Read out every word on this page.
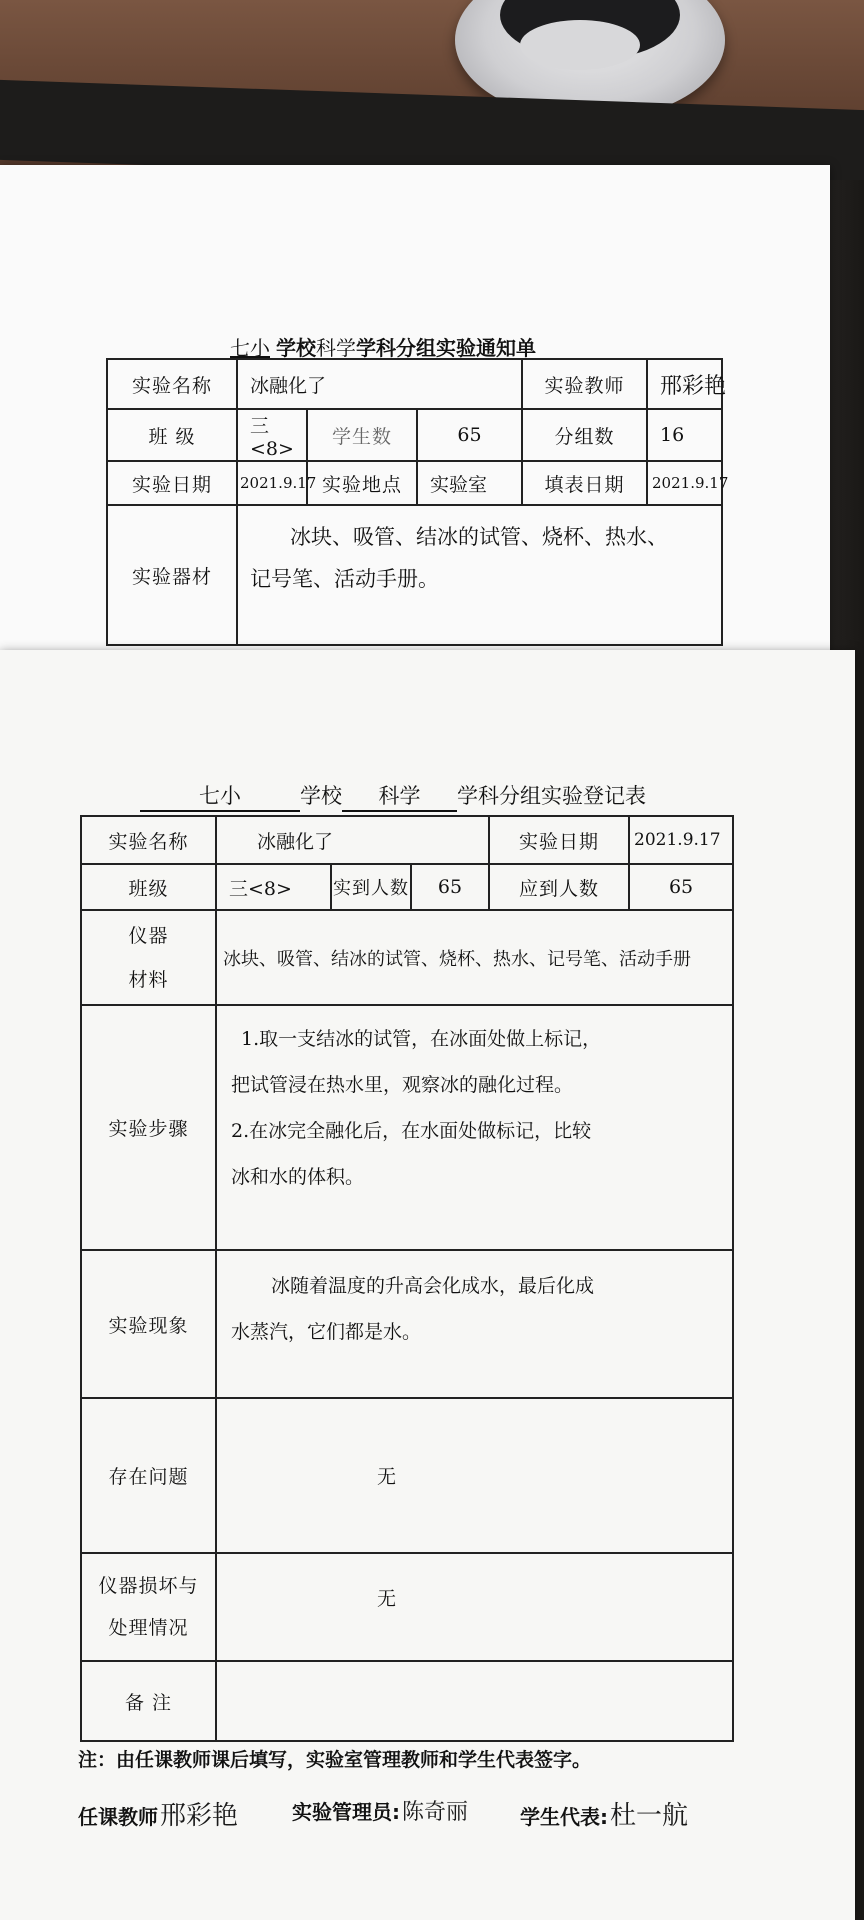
七小 学校科学学科分组实验通知单
实验名称	冰融化了			实验教师	邢彩艳
班 级	三<8>	学生数	65	分组数	16
实验日期	2021.9.17	实验地点	实验室	填表日期	2021.9.17
实验器材	冰块、吸管、结冰的试管、烧杯、热水、
记号笔、活动手册。				
七小	学校 科学 学科分组实验登记表
实验名称	冰融化了			实验日期	2021.9.17
班级	三<8>	实到人数	65	应到人数	65

仪器
材料	冰块、吸管、结冰的试管、烧杯、热水、记号笔、活动手册				
实验步骤	1.取一支结冰的试管，在冰面处做上标记，
把试管浸在热水里，观察冰的融化过程。
2.在冰完全融化后，在水面处做标记，比较
冰和水的体积。				

实验现象	冰随着温度的升高会化成水，最后化成
水蒸汽，它们都是水。				

存在问题	无				

仪器损坏与
处理情况	无				
备 注					
注：由任课教师课后填写，实验室管理教师和学生代表签字。
任课教师邢彩艳	实验管理员:陈奇丽	学生代表:杜一航
